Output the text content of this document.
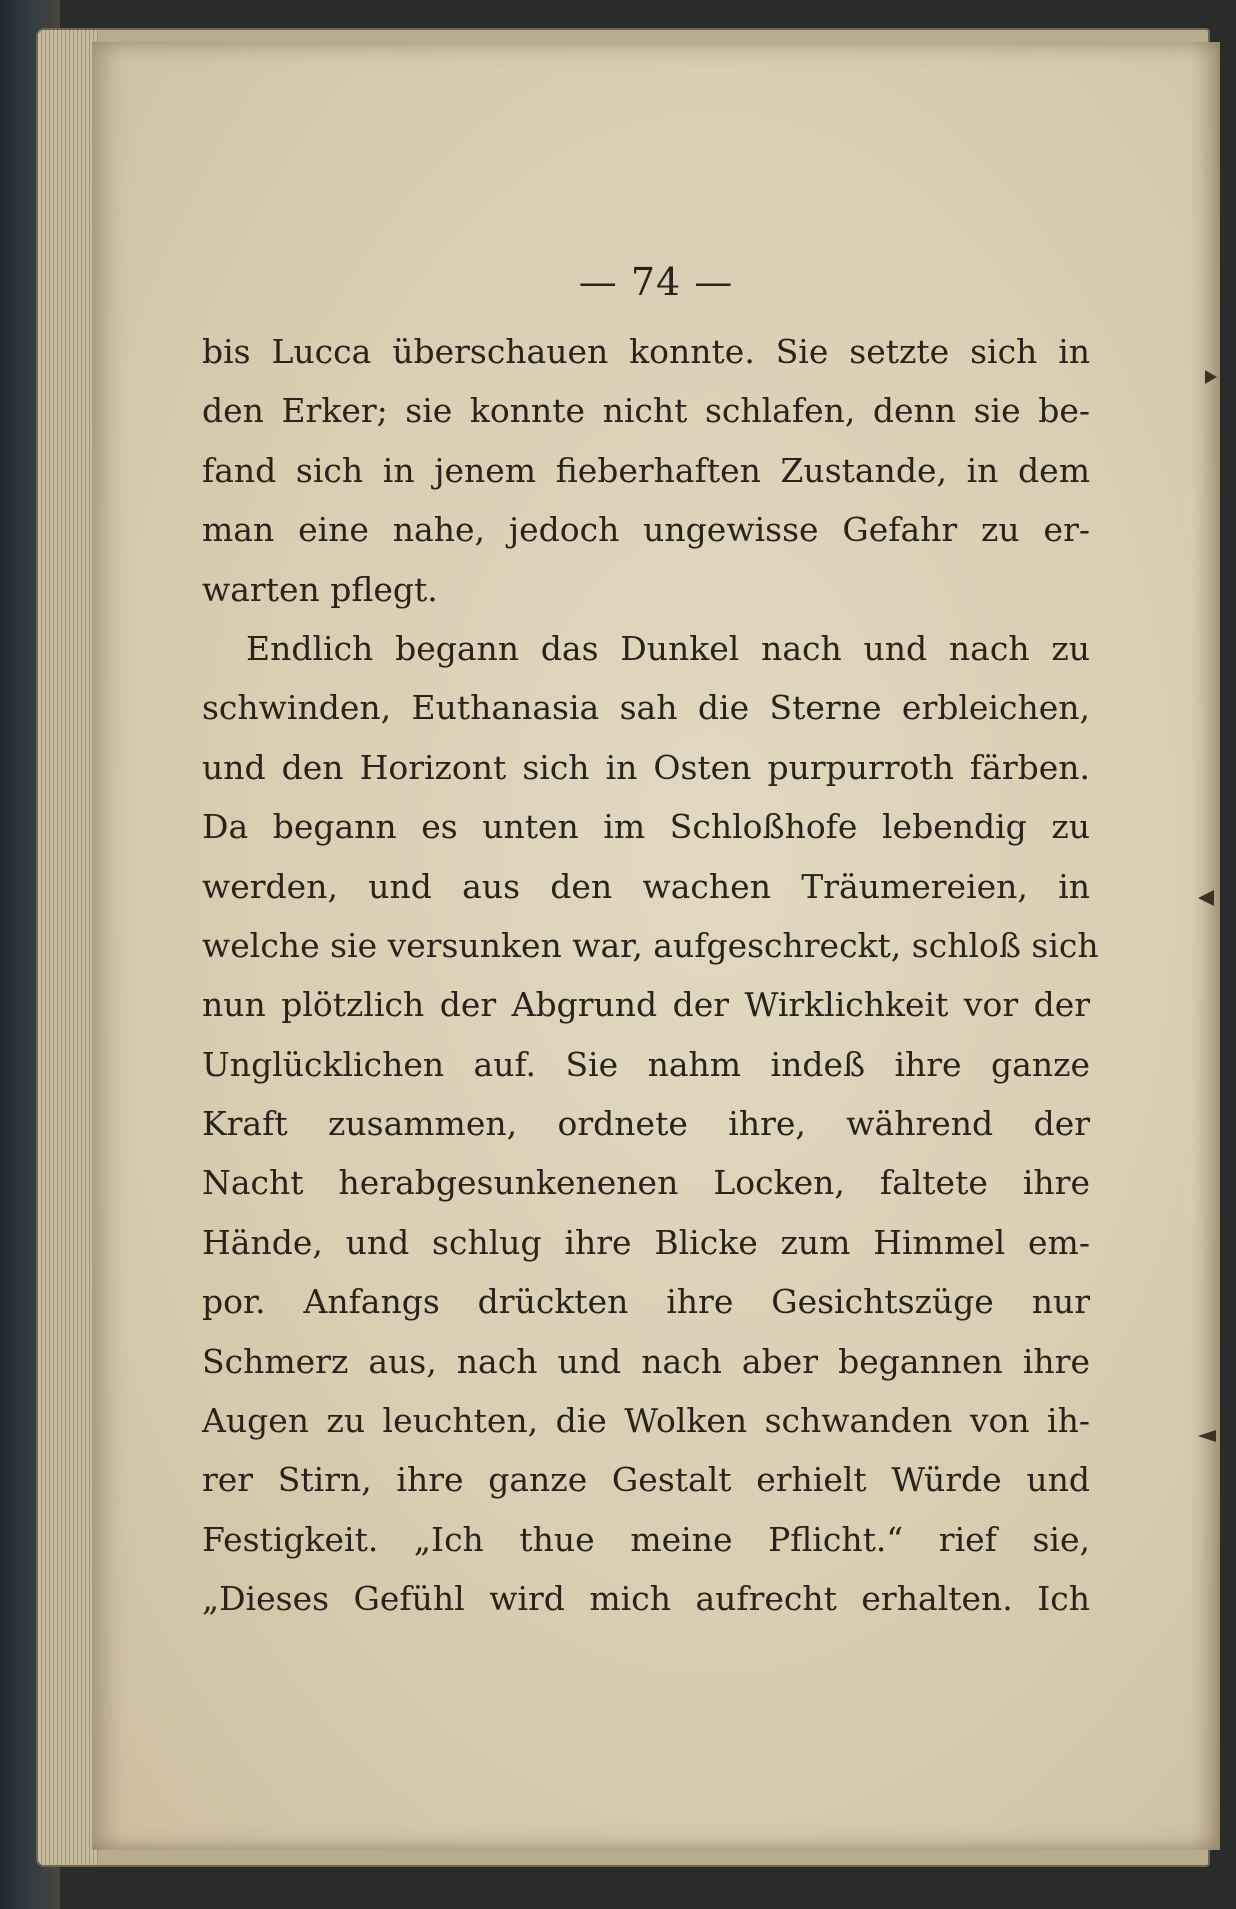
— 74 —
bis Lucca überschauen konnte. Sie setzte sich in
den Erker; sie konnte nicht schlafen, denn sie be-
fand sich in jenem fieberhaften Zustande, in dem
man eine nahe, jedoch ungewisse Gefahr zu er-
warten pflegt.
Endlich begann das Dunkel nach und nach zu
schwinden, Euthanasia sah die Sterne erbleichen,
und den Horizont sich in Osten purpurroth färben.
Da begann es unten im Schloßhofe lebendig zu
werden, und aus den wachen Träumereien, in
welche sie versunken war, aufgeschreckt, schloß sich
nun plötzlich der Abgrund der Wirklichkeit vor der
Unglücklichen auf. Sie nahm indeß ihre ganze
Kraft zusammen, ordnete ihre, während der
Nacht herabgesunkenenen Locken, faltete ihre
Hände, und schlug ihre Blicke zum Himmel em-
por. Anfangs drückten ihre Gesichtszüge nur
Schmerz aus, nach und nach aber begannen ihre
Augen zu leuchten, die Wolken schwanden von ih-
rer Stirn, ihre ganze Gestalt erhielt Würde und
Festigkeit. „Ich thue meine Pflicht.“ rief sie,
„Dieses Gefühl wird mich aufrecht erhalten. Ich
